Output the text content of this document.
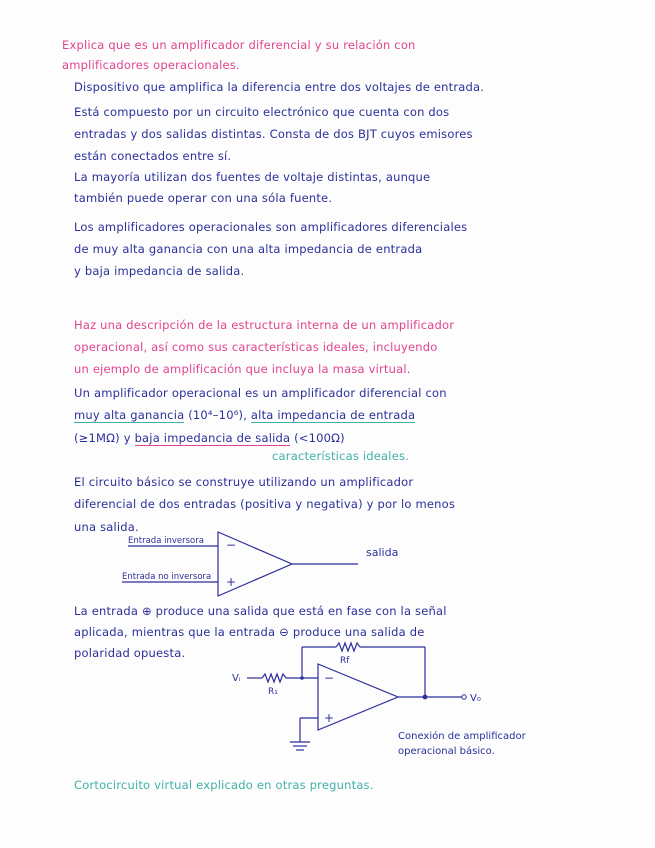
Explica que es un amplificador diferencial y su relación con
amplificadores operacionales.
Dispositivo que amplifica la diferencia entre dos voltajes de entrada.
Está compuesto por un circuito electrónico que cuenta con dos
entradas y dos salidas distintas. Consta de dos BJT cuyos emisores
están conectados entre sí.
La mayoría utilizan dos fuentes de voltaje distintas, aunque
también puede operar con una sóla fuente.
Los amplificadores operacionales son amplificadores diferenciales
de muy alta ganancia con una alta impedancia de entrada
y baja impedancia de salida.
Haz una descripción de la estructura interna de un amplificador
operacional, así como sus características ideales, incluyendo
un ejemplo de amplificación que incluya la masa virtual.
Un amplificador operacional es un amplificador diferencial con
muy alta ganancia (10⁴–10⁶), alta impedancia de entrada
(≥1MΩ) y baja impedancia de salida (<100Ω)
características ideales.
El circuito básico se construye utilizando un amplificador
diferencial de dos entradas (positiva y negativa) y por lo menos
una salida.
−
+
Entrada inversora
Entrada no inversora
salida
−
+
Vᵢ
R₁
Rf
V₀
Conexión de amplificador
operacional básico.
La entrada ⊕ produce una salida que está en fase con la señal
aplicada, mientras que la entrada ⊖ produce una salida de
polaridad opuesta.
Cortocircuito virtual explicado en otras preguntas.
